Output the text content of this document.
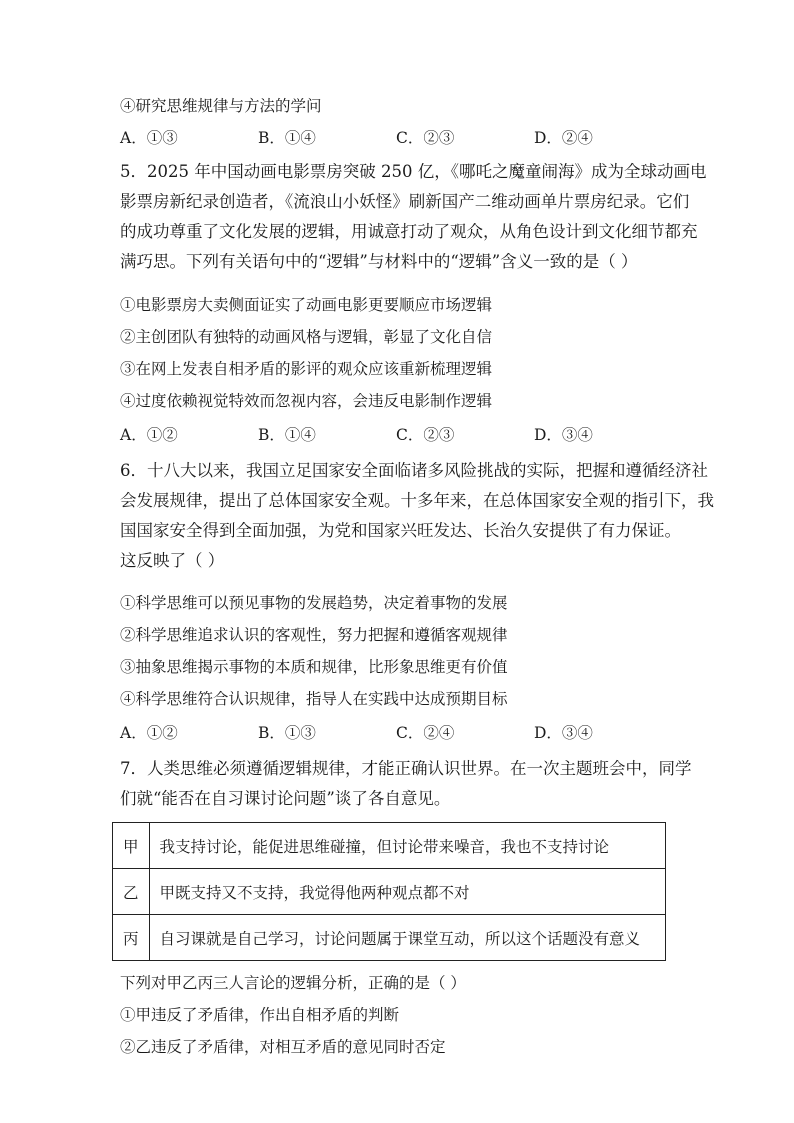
④研究思维规律与方法的学问
A．①③	B．①④	C．②③	D．②④
5．2025 年中国动画电影票房突破 250 亿，《哪吒之魔童闹海》成为全球动画电
影票房新纪录创造者，《流浪山小妖怪》刷新国产二维动画单片票房纪录。它们
的成功尊重了文化发展的逻辑，用诚意打动了观众，从角色设计到文化细节都充
满巧思。下列有关语句中的“逻辑”与材料中的“逻辑”含义一致的是（ ）
①电影票房大卖侧面证实了动画电影更要顺应市场逻辑
②主创团队有独特的动画风格与逻辑，彰显了文化自信
③在网上发表自相矛盾的影评的观众应该重新梳理逻辑
④过度依赖视觉特效而忽视内容，会违反电影制作逻辑
A．①②	B．①④	C．②③	D．③④
6．十八大以来，我国立足国家安全面临诸多风险挑战的实际，把握和遵循经济社
会发展规律，提出了总体国家安全观。十多年来，在总体国家安全观的指引下，我
国国家安全得到全面加强，为党和国家兴旺发达、长治久安提供了有力保证。
这反映了（ ）
①科学思维可以预见事物的发展趋势，决定着事物的发展
②科学思维追求认识的客观性，努力把握和遵循客观规律
③抽象思维揭示事物的本质和规律，比形象思维更有价值
④科学思维符合认识规律，指导人在实践中达成预期目标
A．①②	B．①③	C．②④	D．③④
7．人类思维必须遵循逻辑规律，才能正确认识世界。在一次主题班会中，同学
们就“能否在自习课讨论问题”谈了各自意见。
甲	我支持讨论，能促进思维碰撞，但讨论带来噪音，我也不支持讨论
乙	甲既支持又不支持，我觉得他两种观点都不对
丙	自习课就是自己学习，讨论问题属于课堂互动，所以这个话题没有意义
下列对甲乙丙三人言论的逻辑分析，正确的是（ ）
①甲违反了矛盾律，作出自相矛盾的判断
②乙违反了矛盾律，对相互矛盾的意见同时否定
